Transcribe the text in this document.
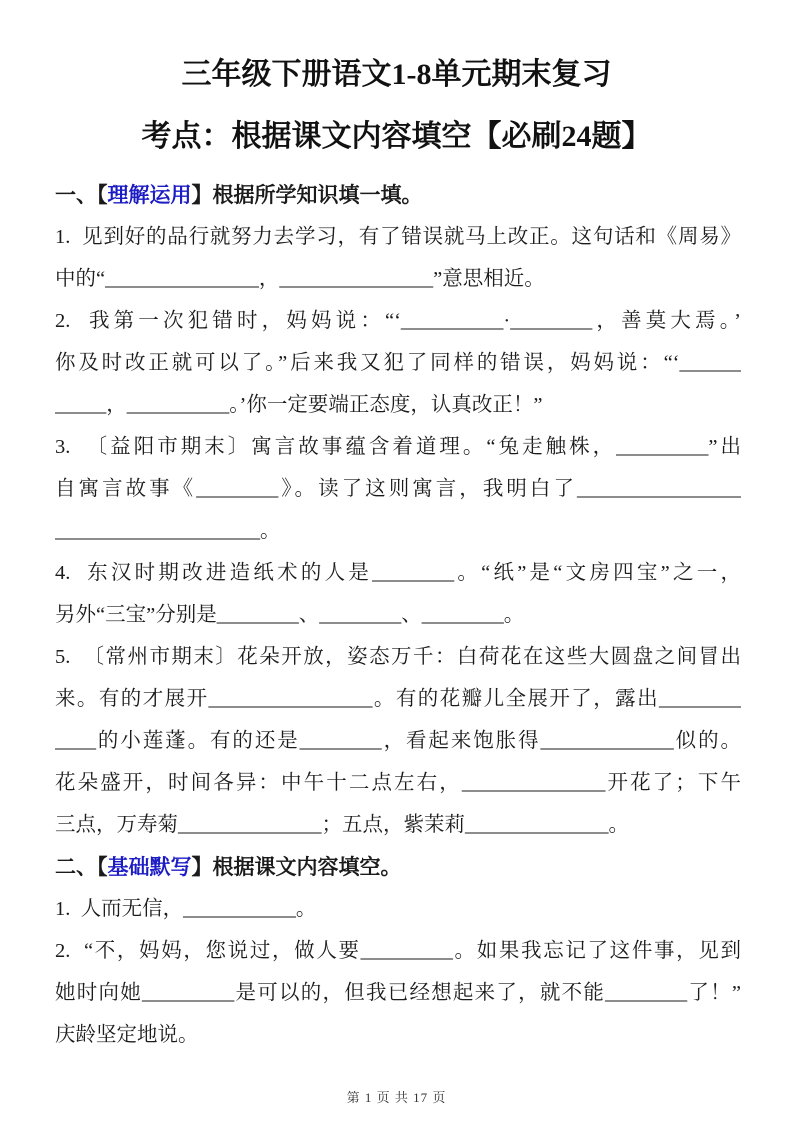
三年级下册语文1-8单元期末复习
考点：根据课文内容填空【必刷24题】
一、【理解运用】根据所学知识填一填。
1.  见到好的品行就努力去学习，有了错误就马上改正。这句话和《周易》
中的“_______________，_______________”意思相近。
2.  我第一次犯错时，妈妈说：“‘__________·________，善莫大焉。’
你及时改正就可以了。”后来我又犯了同样的错误，妈妈说：“‘______
_____，__________。’你一定要端正态度，认真改正！”
3.  〔益阳市期末〕寓言故事蕴含着道理。“兔走触株，_________”出
自寓言故事《________》。读了这则寓言，我明白了________________
____________________。
4.  东汉时期改进造纸术的人是________。“纸”是“文房四宝”之一，
另外“三宝”分别是________、________、________。
5.  〔常州市期末〕花朵开放，姿态万千：白荷花在这些大圆盘之间冒出
来。有的才展开________________。有的花瓣儿全展开了，露出________
____的小莲蓬。有的还是________，看起来饱胀得_____________似的。
花朵盛开，时间各异：中午十二点左右，______________开花了；下午
三点，万寿菊______________；五点，紫茉莉______________。
二、【基础默写】根据课文内容填空。
1.  人而无信，___________。
2.  “不，妈妈，您说过，做人要_________。如果我忘记了这件事，见到
她时向她_________是可以的，但我已经想起来了，就不能________了！”
庆龄坚定地说。
第 1 页 共 17 页
